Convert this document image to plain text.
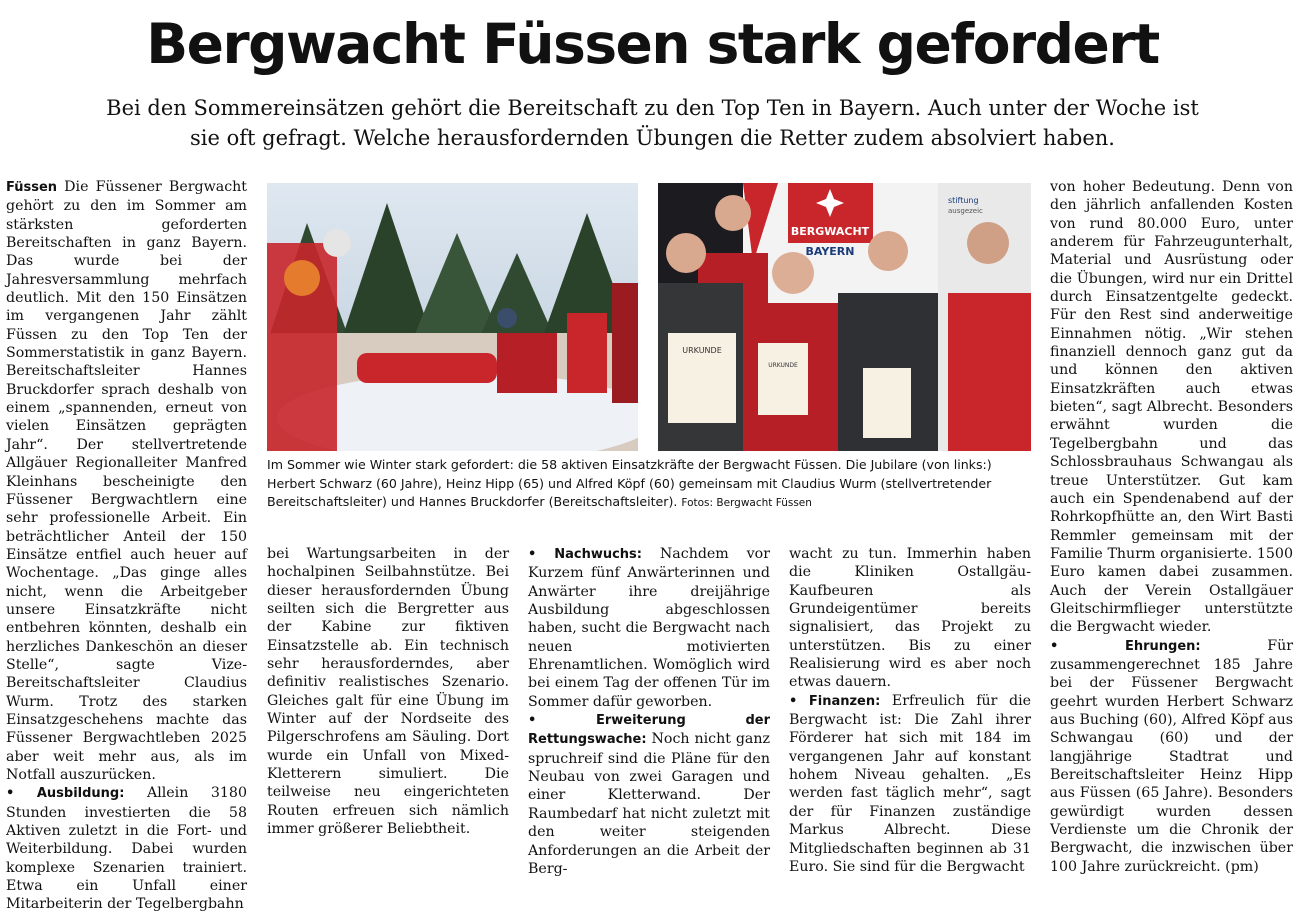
Bergwacht Füssen stark gefordert
Bei den Sommereinsätzen gehört die Bereitschaft zu den Top Ten in Bayern. Auch unter der Woche ist sie oft gefragt. Welche herausfordernden Übungen die Retter zudem absolviert haben.

Füssen Die Füssener Bergwacht gehört zu den im Sommer am stärksten geforderten Bereitschaften in ganz Bayern. Das wurde bei der Jahresversammlung mehrfach deutlich. Mit den 150 Einsätzen im vergangenen Jahr zählt Füssen zu den Top Ten der Sommerstatistik in ganz Bayern. Bereitschaftsleiter Hannes Bruckdorfer sprach deshalb von einem „spannenden, erneut von vielen Einsätzen geprägten Jahr“. Der stellvertretende Allgäuer Regionalleiter Manfred Kleinhans bescheinigte den Füssener Bergwachtlern eine sehr professionelle Arbeit. Ein beträchtlicher Anteil der 150 Einsätze entfiel auch heuer auf Wochentage. „Das ginge alles nicht, wenn die Arbeitgeber unsere Einsatzkräfte nicht entbehren könnten, deshalb ein herzliches Dankeschön an dieser Stelle“, sagte Vize-Bereitschaftsleiter Claudius Wurm. Trotz des starken Einsatzgeschehens machte das Füssener Bergwachtleben 2025 aber weit mehr aus, als im Notfall auszurücken.

• Ausbildung: Allein 3180 Stunden investierten die 58 Aktiven zuletzt in die Fort- und Weiterbildung. Dabei wurden komplexe Szenarien trainiert. Etwa ein Unfall einer Mitarbeiterin der Tegelbergbahn

BERGWACHT
BAYERN
stiftung
ausgezeic
URKUNDE
URKUNDE
Im Sommer wie Winter stark gefordert: die 58 aktiven Einsatzkräfte der Bergwacht Füssen. Die Jubilare (von links:) Herbert Schwarz (60 Jahre), Heinz Hipp (65) und Alfred Köpf (60) gemeinsam mit Claudius Wurm (stellvertretender Bereitschaftsleiter) und Hannes Bruckdorfer (Bereitschaftsleiter). Fotos: Bergwacht Füssen

bei Wartungsarbeiten in der hochalpinen Seilbahnstütze. Bei dieser herausfordernden Übung seilten sich die Bergretter aus der Kabine zur fiktiven Einsatzstelle ab. Ein technisch sehr herausforderndes, aber definitiv realistisches Szenario. Gleiches galt für eine Übung im Winter auf der Nordseite des Pilgerschrofens am Säuling. Dort wurde ein Unfall von Mixed-Kletterern simuliert. Die teilweise neu eingerichteten Routen erfreuen sich nämlich immer größerer Beliebtheit.

• Nachwuchs: Nachdem vor Kurzem fünf Anwärterinnen und Anwärter ihre dreijährige Ausbildung abgeschlossen haben, sucht die Bergwacht nach neuen motivierten Ehrenamtlichen. Womöglich wird bei einem Tag der offenen Tür im Sommer dafür geworben.

• Erweiterung der Rettungswache: Noch nicht ganz spruchreif sind die Pläne für den Neubau von zwei Garagen und einer Kletterwand. Der Raumbedarf hat nicht zuletzt mit den weiter steigenden Anforderungen an die Arbeit der Berg-

wacht zu tun. Immerhin haben die Kliniken Ostallgäu-Kaufbeuren als Grundeigentümer bereits signalisiert, das Projekt zu unterstützen. Bis zu einer Realisierung wird es aber noch etwas dauern.

• Finanzen: Erfreulich für die Bergwacht ist: Die Zahl ihrer Förderer hat sich mit 184 im vergangenen Jahr auf konstant hohem Niveau gehalten. „Es werden fast täglich mehr“, sagt der für Finanzen zuständige Markus Albrecht. Diese Mitgliedschaften beginnen ab 31 Euro. Sie sind für die Bergwacht

von hoher Bedeutung. Denn von den jährlich anfallenden Kosten von rund 80.000 Euro, unter anderem für Fahrzeugunterhalt, Material und Ausrüstung oder die Übungen, wird nur ein Drittel durch Einsatzentgelte gedeckt. Für den Rest sind anderweitige Einnahmen nötig. „Wir stehen finanziell dennoch ganz gut da und können den aktiven Einsatzkräften auch etwas bieten“, sagt Albrecht. Besonders erwähnt wurden die Tegelbergbahn und das Schlossbrauhaus Schwangau als treue Unterstützer. Gut kam auch ein Spendenabend auf der Rohrkopfhütte an, den Wirt Basti Remmler gemeinsam mit der Familie Thurm organisierte. 1500 Euro kamen dabei zusammen. Auch der Verein Ostallgäuer Gleitschirmflieger unterstützte die Bergwacht wieder.

• Ehrungen:	Für zusammengerechnet 185 Jahre bei der Füssener Bergwacht geehrt wurden Herbert Schwarz aus Buching (60), Alfred Köpf aus Schwangau (60) und der langjährige Stadtrat und Bereitschaftsleiter Heinz Hipp aus Füssen (65 Jahre). Besonders gewürdigt wurden dessen Verdienste um die Chronik der Bergwacht, die inzwischen über 100 Jahre zurückreicht. (pm)
